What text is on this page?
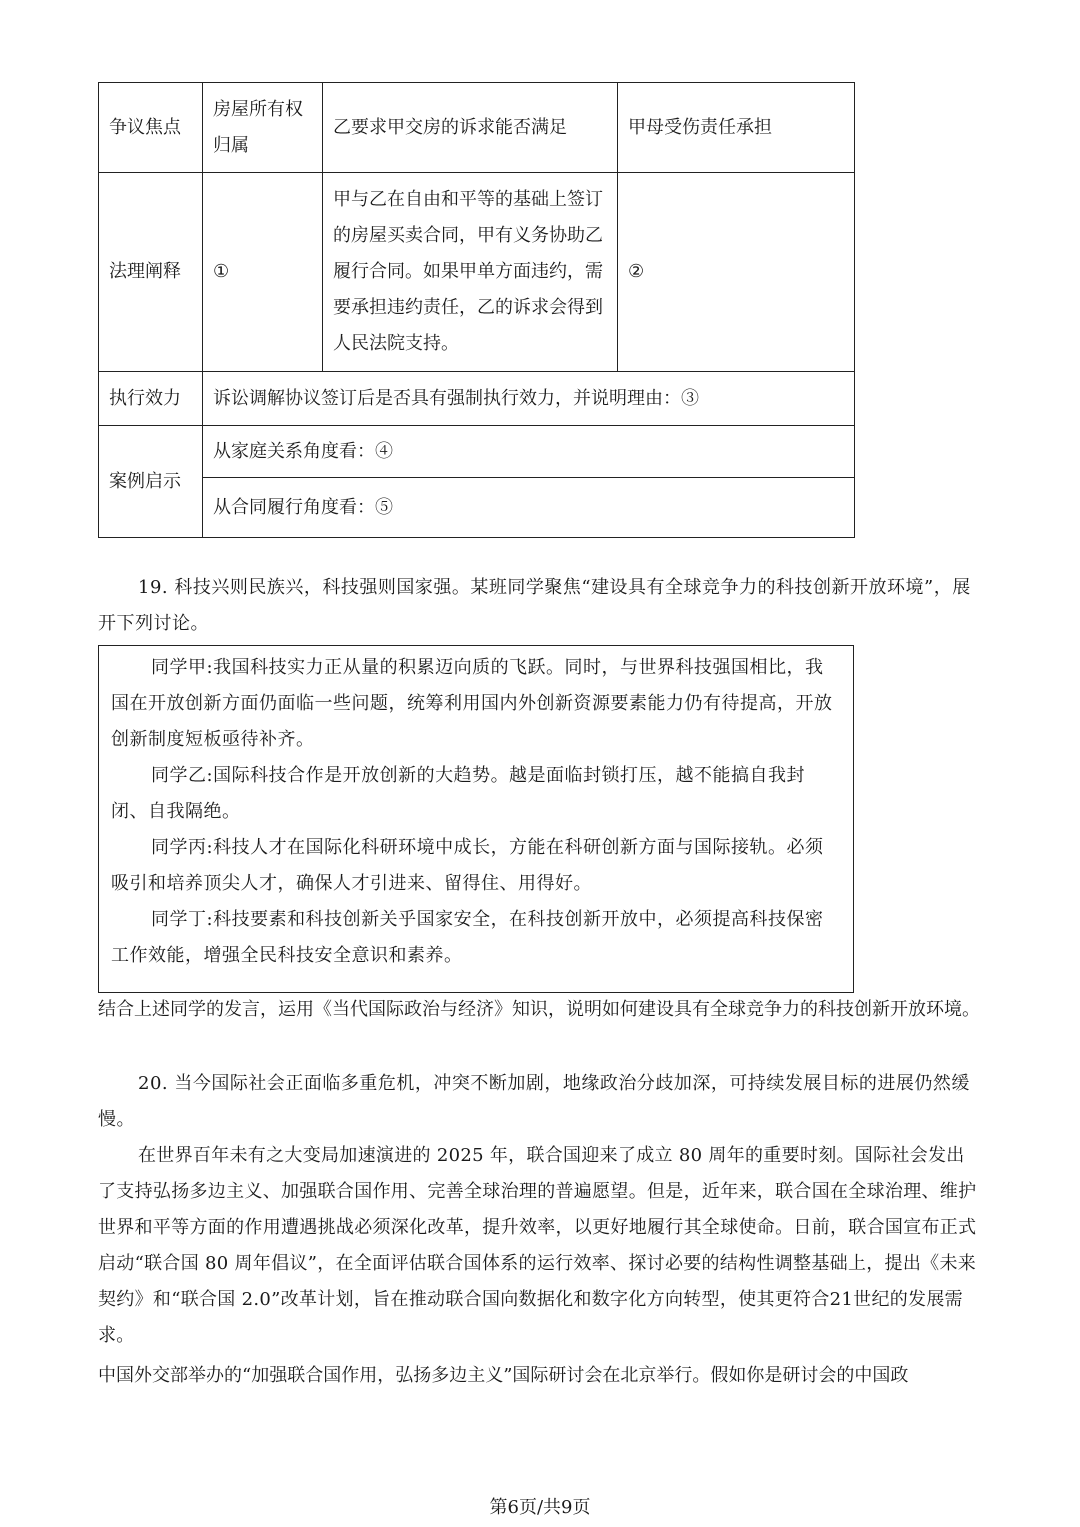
争议焦点	房屋所有权归属	乙要求甲交房的诉求能否满足	甲母受伤责任承担
法理阐释	①	甲与乙在自由和平等的基础上签订的房屋买卖合同，甲有义务协助乙履行合同。如果甲单方面违约，需要承担违约责任，乙的诉求会得到人民法院支持。	②
执行效力	诉讼调解协议签订后是否具有强制执行效力，并说明理由：③		
案例启示	从家庭关系角度看：④		
	从合同履行角度看：⑤		

19. 科技兴则民族兴，科技强则国家强。某班同学聚焦“建设具有全球竞争力的科技创新开放环境”，展开下列讨论。

同学甲:我国科技实力正从量的积累迈向质的飞跃。同时，与世界科技强国相比，我国在开放创新方面仍面临一些问题，统筹利用国内外创新资源要素能力仍有待提高，开放创新制度短板亟待补齐。

同学乙:国际科技合作是开放创新的大趋势。越是面临封锁打压，越不能搞自我封闭、自我隔绝。

同学丙:科技人才在国际化科研环境中成长，方能在科研创新方面与国际接轨。必须吸引和培养顶尖人才，确保人才引进来、留得住、用得好。

同学丁:科技要素和科技创新关乎国家安全，在科技创新开放中，必须提高科技保密工作效能，增强全民科技安全意识和素养。

结合上述同学的发言，运用《当代国际政治与经济》知识，说明如何建设具有全球竞争力的科技创新开放环境。

20. 当今国际社会正面临多重危机，冲突不断加剧，地缘政治分歧加深，可持续发展目标的进展仍然缓慢。

在世界百年未有之大变局加速演进的 2025 年，联合国迎来了成立 80 周年的重要时刻。国际社会发出了支持弘扬多边主义、加强联合国作用、完善全球治理的普遍愿望。但是，近年来，联合国在全球治理、维护世界和平等方面的作用遭遇挑战必须深化改革，提升效率，以更好地履行其全球使命。日前，联合国宣布正式启动“联合国 80 周年倡议”，在全面评估联合国体系的运行效率、探讨必要的结构性调整基础上，提出《未来契约》和“联合国 2.0”改革计划，旨在推动联合国向数据化和数字化方向转型，使其更符合21世纪的发展需求。

中国外交部举办的“加强联合国作用，弘扬多边主义”国际研讨会在北京举行。假如你是研讨会的中国政

第6页/共9页
